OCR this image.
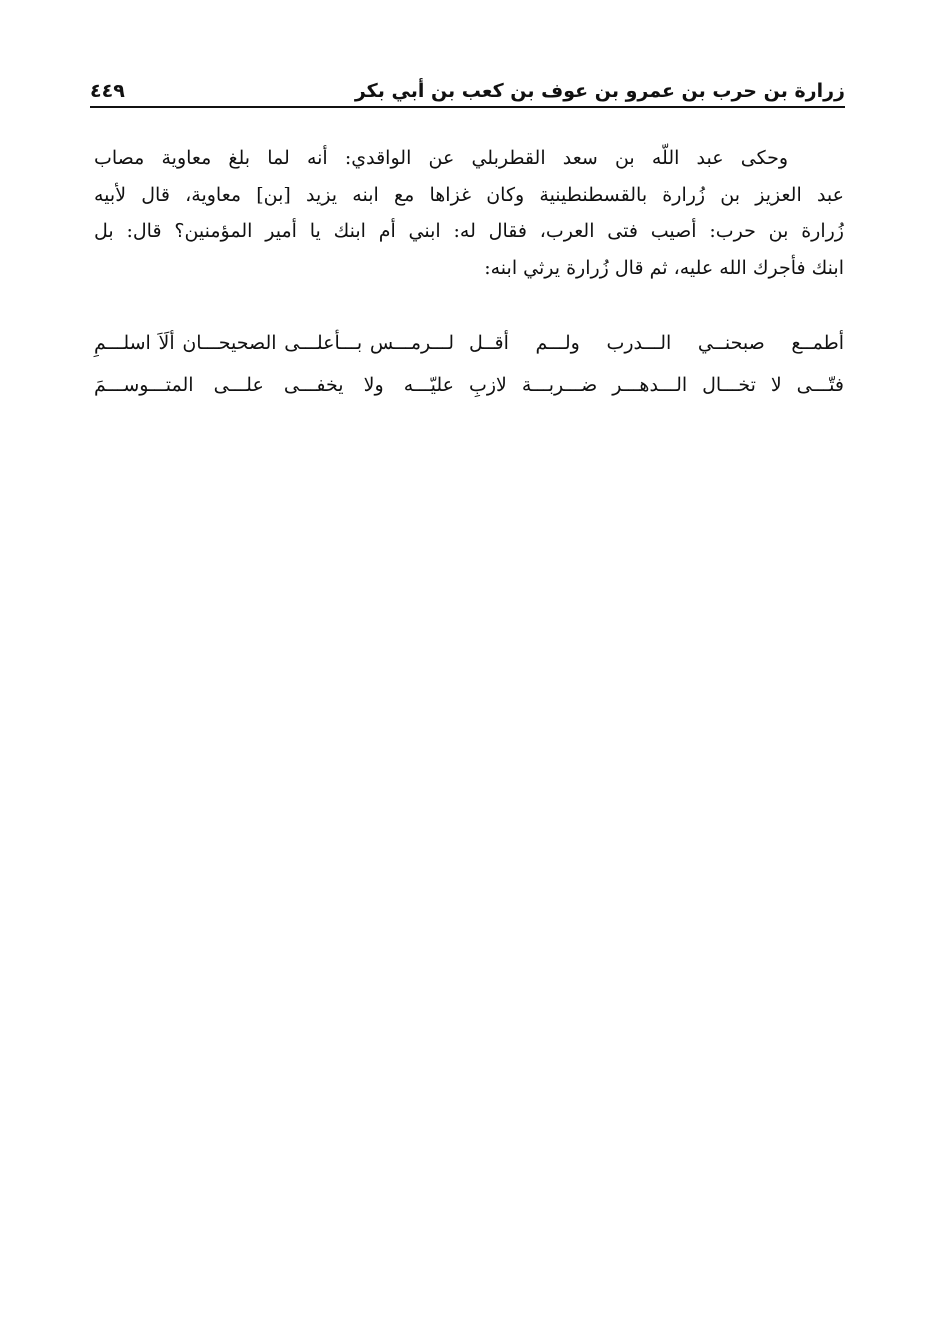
زرارة بن حرب بن عمرو بن عوف بن كعب بن أبي بكر
٤٤٩

وحكى عبد اللّه بن سعد القطربلي عن الواقدي: أنه لما بلغ معاوية مصاب
عبد العزيز بن زُرارة بالقسطنطينية وكان غزاها مع ابنه يزيد [بن] معاوية، قال لأبيه
زُرارة بن حرب: أصيب فتى العرب، فقال له: ابني أم ابنك يا أمير المؤمنين؟ قال: بل
ابنك فأجرك الله عليه، ثم قال زُرارة يرثي ابنه:

أطمــع صبحنــي الـــدرب ولـــم أقــل
لـــرمـــس بـــأعلـــى الصحيحـــان ألَاَ اسلـــمِ
فتّـــى لا تخـــال الـــدهـــر ضـــربـــة لازبِ
عليّـــه ولا يخفـــى علـــى المتـــوســـمَ
